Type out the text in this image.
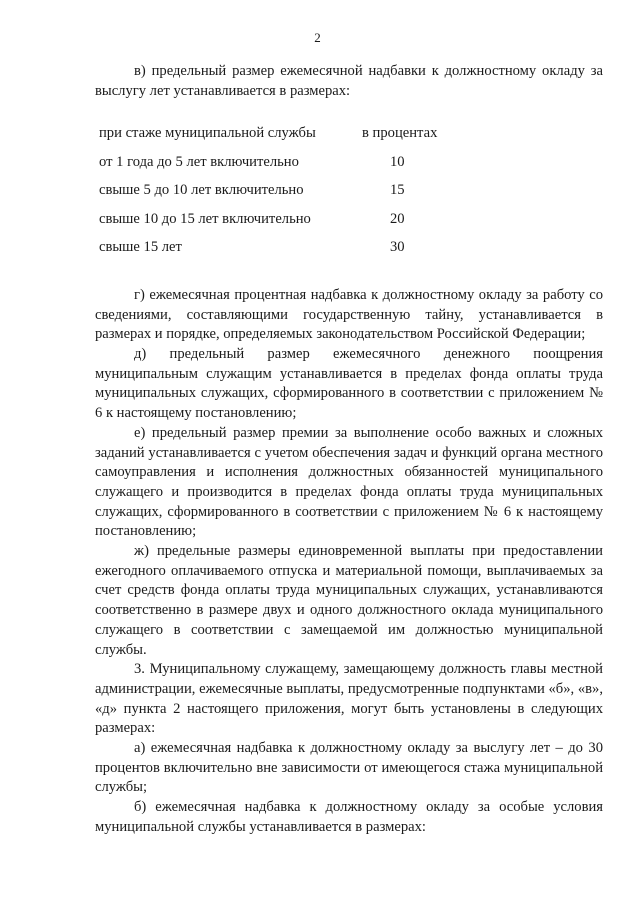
2

в) предельный размер ежемесячной надбавки к должностному окладу за выслугу лет устанавливается в размерах:

при стаже муниципальной службы	в процентах
от 1 года до 5 лет включительно	10
свыше 5 до 10 лет включительно	15
свыше 10 до 15 лет включительно	20
свыше 15 лет	30

г) ежемесячная процентная надбавка к должностному окладу за работу со сведениями, составляющими государственную тайну, устанавливается в размерах и порядке, определяемых законодательством Российской Федерации;

д) предельный размер ежемесячного денежного поощрения муниципальным служащим устанавливается в пределах фонда оплаты труда муниципальных служащих, сформированного в соответствии с приложением № 6 к настоящему постановлению;

е) предельный размер премии за выполнение особо важных и сложных заданий устанавливается с учетом обеспечения задач и функций органа местного самоуправления и исполнения должностных обязанностей муниципального служащего и производится в пределах фонда оплаты труда муниципальных служащих, сформированного в соответствии с приложением № 6 к настоящему постановлению;

ж) предельные размеры единовременной выплаты при предоставлении ежегодного оплачиваемого отпуска и материальной помощи, выплачиваемых за счет средств фонда оплаты труда муниципальных служащих, устанавливаются соответственно в размере двух и одного должностного оклада муниципального служащего в соответствии с замещаемой им должностью муниципальной службы.

3. Муниципальному служащему, замещающему должность главы местной администрации, ежемесячные выплаты, предусмотренные подпунктами «б», «в», «д» пункта 2 настоящего приложения, могут быть установлены в следующих размерах:

а) ежемесячная надбавка к должностному окладу за выслугу лет – до 30 процентов включительно вне зависимости от имеющегося стажа муниципальной службы;

б) ежемесячная надбавка к должностному окладу за особые условия муниципальной службы устанавливается в размерах:
